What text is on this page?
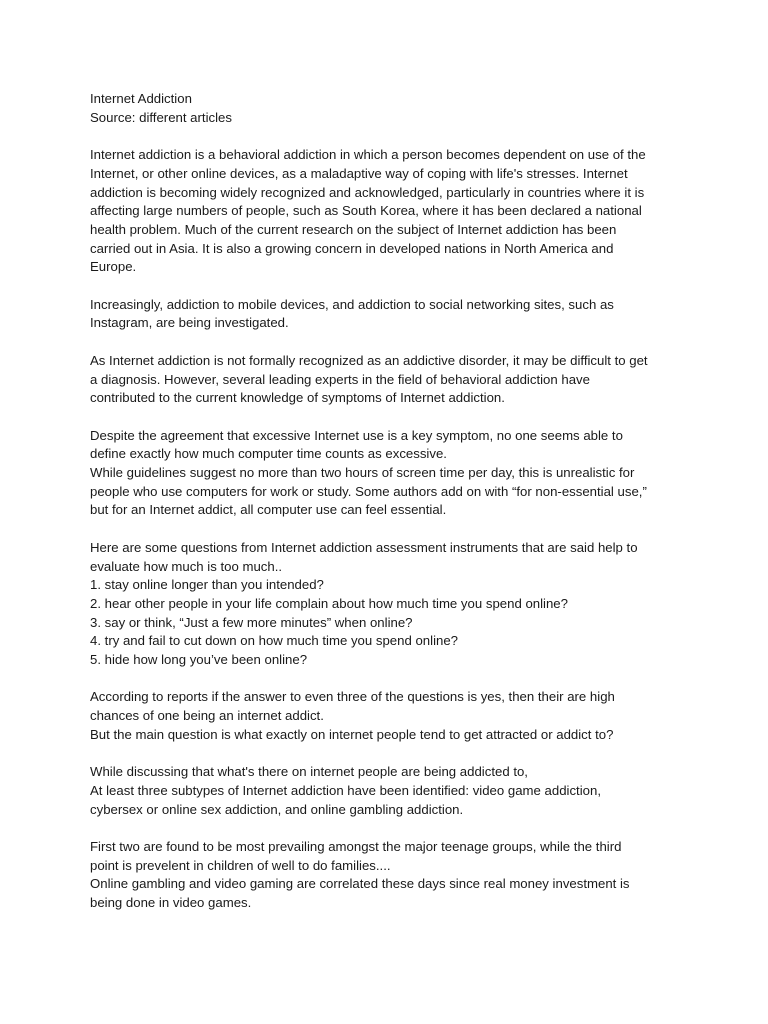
Internet Addiction
Source: different articles
Internet addiction is a behavioral addiction in which a person becomes dependent on use of the
Internet, or other online devices, as a maladaptive way of coping with life's stresses. Internet
addiction is becoming widely recognized and acknowledged, particularly in countries where it is
affecting large numbers of people, such as South Korea, where it has been declared a national
health problem. Much of the current research on the subject of Internet addiction has been
carried out in Asia. It is also a growing concern in developed nations in North America and
Europe.
Increasingly, addiction to mobile devices, and addiction to social networking sites, such as
Instagram, are being investigated.
As Internet addiction is not formally recognized as an addictive disorder, it may be difficult to get
a diagnosis. However, several leading experts in the field of behavioral addiction have
contributed to the current knowledge of symptoms of Internet addiction.
Despite the agreement that excessive Internet use is a key symptom, no one seems able to
define exactly how much computer time counts as excessive.
While guidelines suggest no more than two hours of screen time per day, this is unrealistic for
people who use computers for work or study. Some authors add on with “for non-essential use,”
but for an Internet addict, all computer use can feel essential.
Here are some questions from Internet addiction assessment instruments that are said help to
evaluate how much is too much..
1. stay online longer than you intended?
2. hear other people in your life complain about how much time you spend online?
3. say or think, “Just a few more minutes” when online?
4. try and fail to cut down on how much time you spend online?
5. hide how long you’ve been online?
According to reports if the answer to even three of the questions is yes, then their are high
chances of one being an internet addict.
But the main question is what exactly on internet people tend to get attracted or addict to?
While discussing that what's there on internet people are being addicted to,
At least three subtypes of Internet addiction have been identified: video game addiction,
cybersex or online sex addiction, and online gambling addiction.
First two are found to be most prevailing amongst the major teenage groups, while the third
point is prevelent in children of well to do families....
Online gambling and video gaming are correlated these days since real money investment is
being done in video games.
